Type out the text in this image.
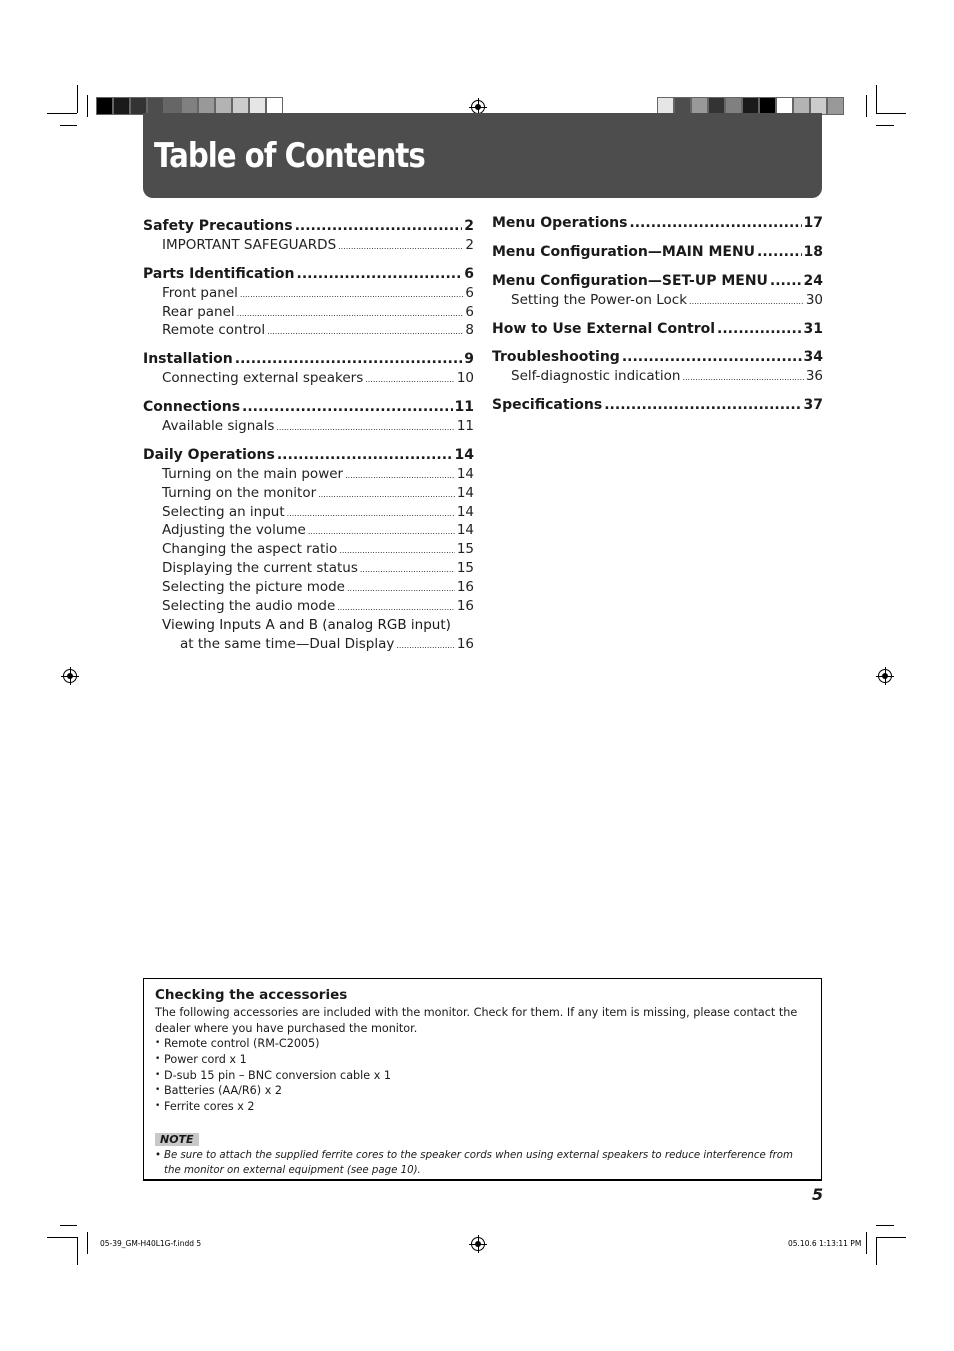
Table of Contents
Safety Precautions .....	2
IMPORTANT SAFEGUARDS .....	2
Parts Identification .....	6
Front panel .....	6
Rear panel .....	6
Remote control .....	8
Installation .....	9
Connecting external speakers .....	10
Connections .....	11
Available signals .....	11
Daily Operations .....	14
Turning on the main power .....	14
Turning on the monitor .....	14
Selecting an input .....	14
Adjusting the volume .....	14
Changing the aspect ratio .....	15
Displaying the current status .....	15
Selecting the picture mode .....	16
Selecting the audio mode .....	16
Viewing Inputs A and B (analog RGB input)
at the same time—Dual Display .....	16
Menu Operations .....	17
Menu Configuration—MAIN MENU .....	18
Menu Configuration—SET-UP MENU .....	24
Setting the Power-on Lock .....	30
How to Use External Control .....	31
Troubleshooting .....	34
Self-diagnostic indication .....	36
Specifications .....	37

Checking the accessories

The following accessories are included with the monitor. Check for them. If any item is missing, please contact the dealer where you have purchased the monitor.

• Remote control (RM-C2005)
• Power cord x 1
• D-sub 15 pin – BNC conversion cable x 1
• Batteries (AA/R6) x 2
• Ferrite cores x 2
NOTE
• Be sure to attach the supplied ferrite cores to the speaker cords when using external speakers to reduce interference from the monitor on external equipment (see page 10).
5
05-39_GM-H40L1G-f.indd 5	05.10.6 1:13:11 PM
